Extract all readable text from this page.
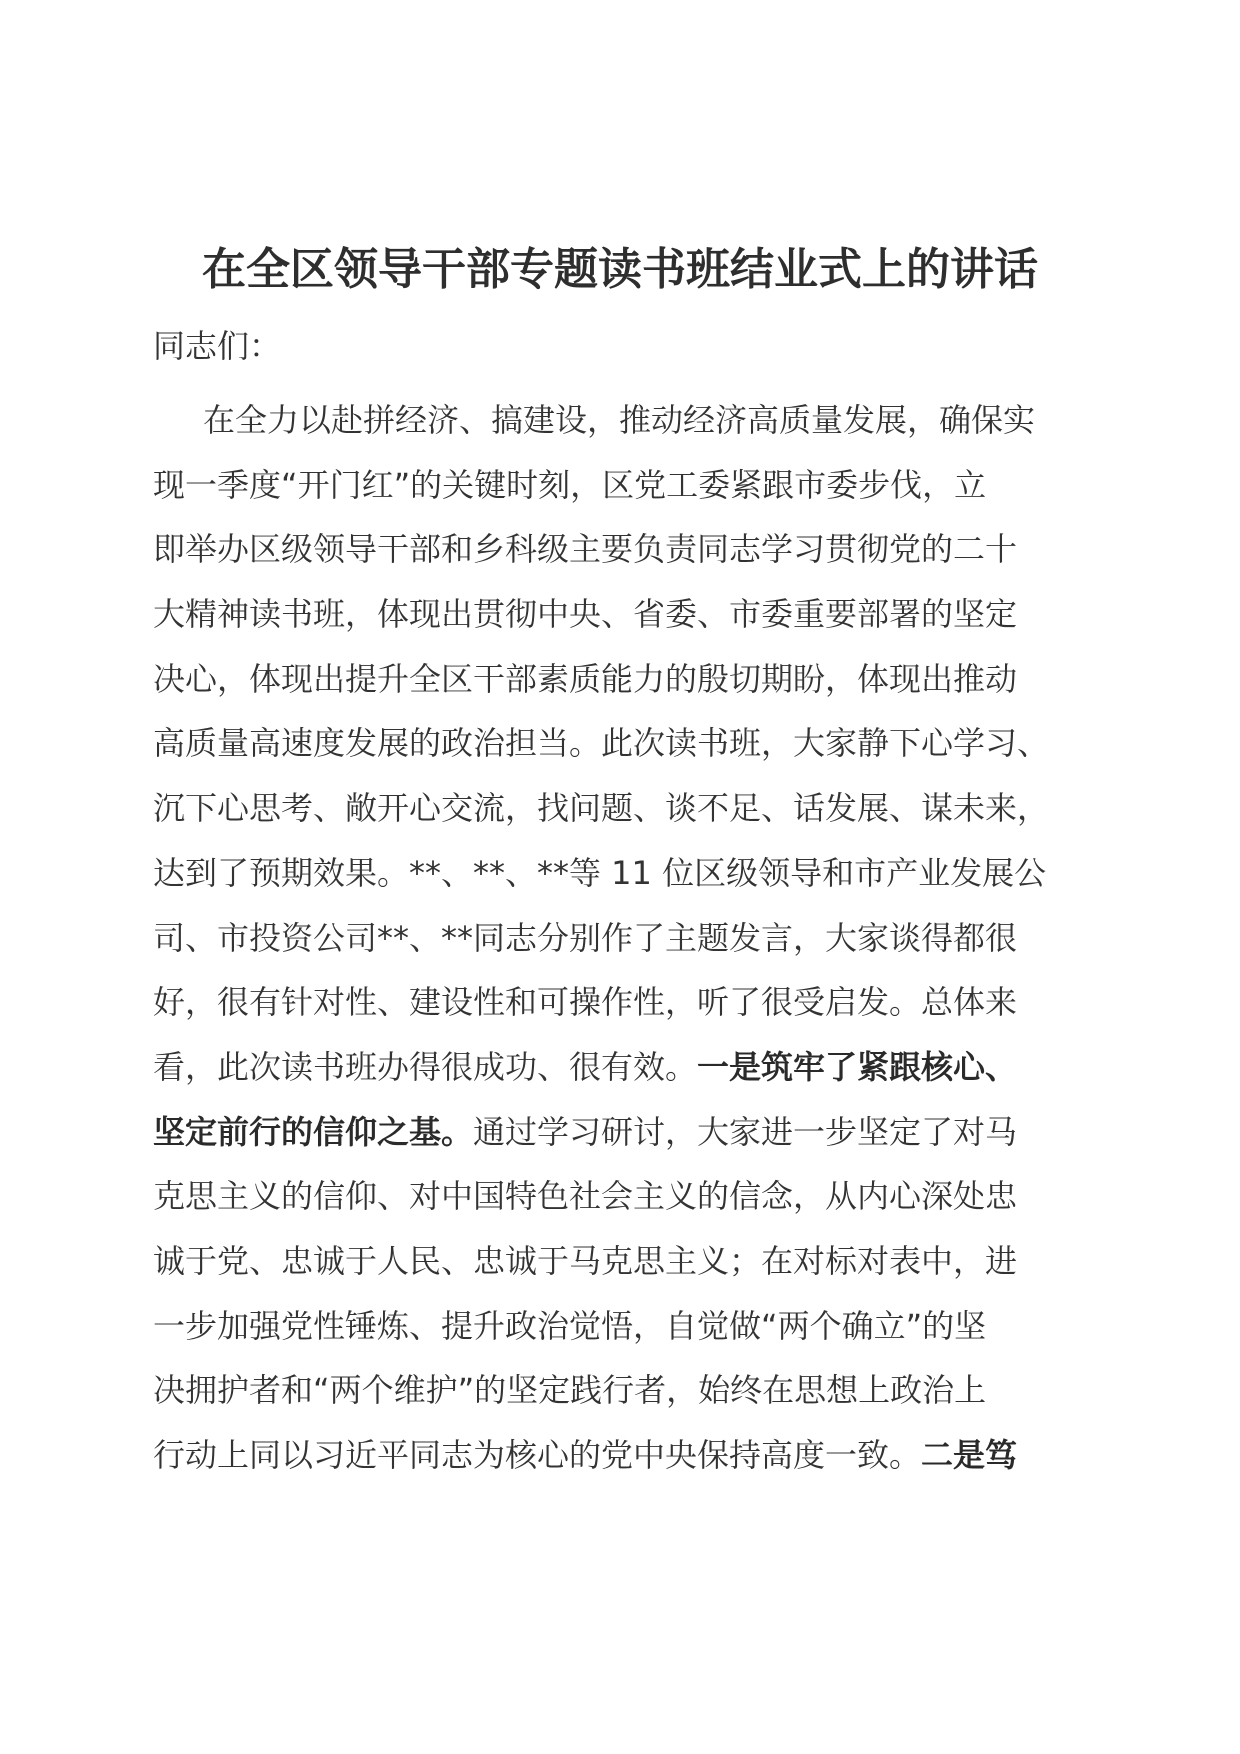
在全区领导干部专题读书班结业式上的讲话

同志们：

在全力以赴拼经济、搞建设，推动经济高质量发展，确保实
现一季度“开门红”的关键时刻，区党工委紧跟市委步伐，立
即举办区级领导干部和乡科级主要负责同志学习贯彻党的二十
大精神读书班，体现出贯彻中央、省委、市委重要部署的坚定
决心，体现出提升全区干部素质能力的殷切期盼，体现出推动
高质量高速度发展的政治担当。此次读书班，大家静下心学习、
沉下心思考、敞开心交流，找问题、谈不足、话发展、谋未来，
达到了预期效果。**、**、**等 11 位区级领导和市产业发展公
司、市投资公司**、**同志分别作了主题发言，大家谈得都很
好，很有针对性、建设性和可操作性，听了很受启发。总体来
看，此次读书班办得很成功、很有效。一是筑牢了紧跟核心、
坚定前行的信仰之基。通过学习研讨，大家进一步坚定了对马
克思主义的信仰、对中国特色社会主义的信念，从内心深处忠
诚于党、忠诚于人民、忠诚于马克思主义；在对标对表中，进
一步加强党性锤炼、提升政治觉悟，自觉做“两个确立”的坚
决拥护者和“两个维护”的坚定践行者，始终在思想上政治上
行动上同以习近平同志为核心的党中央保持高度一致。二是笃
